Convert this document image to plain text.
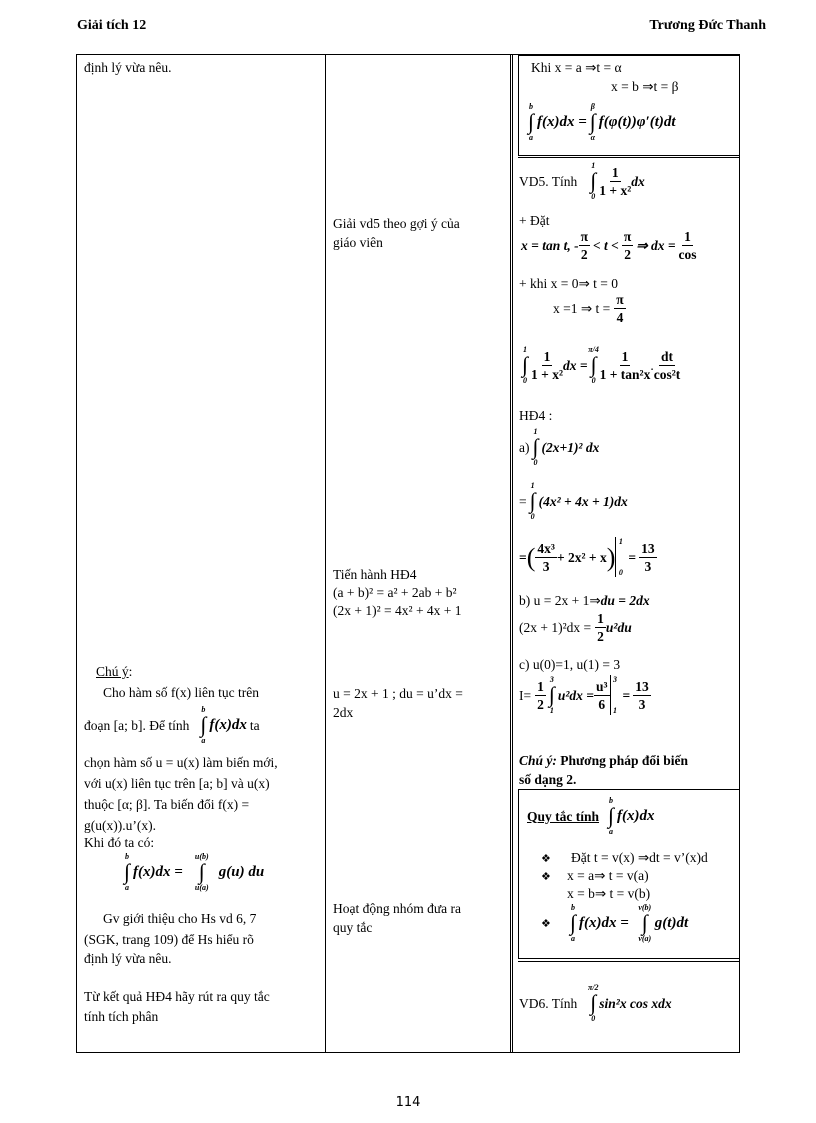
Giải tích 12	Trương Đức Thanh
định lý vừa nêu.
Chú ý:
Cho hàm số f(x) liên tục trên
đoạn [a; b]. Để tính
b
∫
a
f(x)dx ta
chọn hàm số u = u(x) làm biến mới,
với u(x) liên tục trên [a; b] và u(x)
thuộc [α; β]. Ta biến đổi f(x) =
g(u(x)).u’(x).
Khi đó ta có:
b
∫
a
f(x)dx =
u(b)
∫
u(a)
g(u) du
Gv giới thiệu cho Hs vd 6, 7
(SGK, trang 109) để Hs hiểu rõ
định lý vừa nêu.
Từ kết quả HĐ4 hãy rút ra quy tắc
tính tích phân
Giải vd5 theo gợi ý của
giáo viên
Tiến hành HĐ4
(a + b)² = a² + 2ab + b²
(2x + 1)² = 4x² + 4x + 1
u = 2x + 1 ; du = u’dx =
2dx
Hoạt động nhóm đưa ra
quy tắc
Khi x = a ⇒t = α
x = b ⇒t = β
b
∫
a
f(x)dx =
β
∫
α
f(φ(t))φ′(t)dt
VD5. Tính
1
∫
$0 \frac{1}{\text{1 + x²}}$ dx
+ Đặt
x = tan t, - $\frac{\pi}{2} < t < \frac{\pi}{2}$ ⇒ dx = $\frac{1}{\cos}$
+ khi x = 0⇒ t = 0
x =1 ⇒ $t = \frac{\pi}{4}$
1
∫
$0 \frac{1}{\text{1 + x²}}$ dx =
π/4
∫
$0 \frac{1}{\text{1 + tan²x}}$ . $\frac{dt}{\text{cos²t}}$
HĐ4 :
a)
1
∫
0
(2x+1)² dx
=
1
∫
0
(4x² + 4x + 1)dx
= ( $\frac{\text{4x³}}{3} + 2x^2 + x$ )
1

0
= $\frac{13}{3}$
b) u = 2x + 1⇒du = 2dx
$(2x + 1)^2dx = \frac{1}{2} u^2du$
c) u(0)=1, u(1) = 3
$I= \frac{1}{2} 3$
∫
1
$u^2dx = \frac{\text{u³}}{6} 3$

1
= $\frac{13}{3}$
Chú ý: Phương pháp đổi biến
số dạng 2.
Quy tắc tính
b
∫
a
f(x)dx
❖ Đặt t = v(x) ⇒dt = v’(x)d
❖ x = a⇒ t = v(a)
x = b⇒ t = v(b)
❖
b
∫
a
f(x)dx =
v(b)
∫
v(a)
g(t)dt
VD6. Tính
π/2
∫
0
sin²x cos xdx
114
